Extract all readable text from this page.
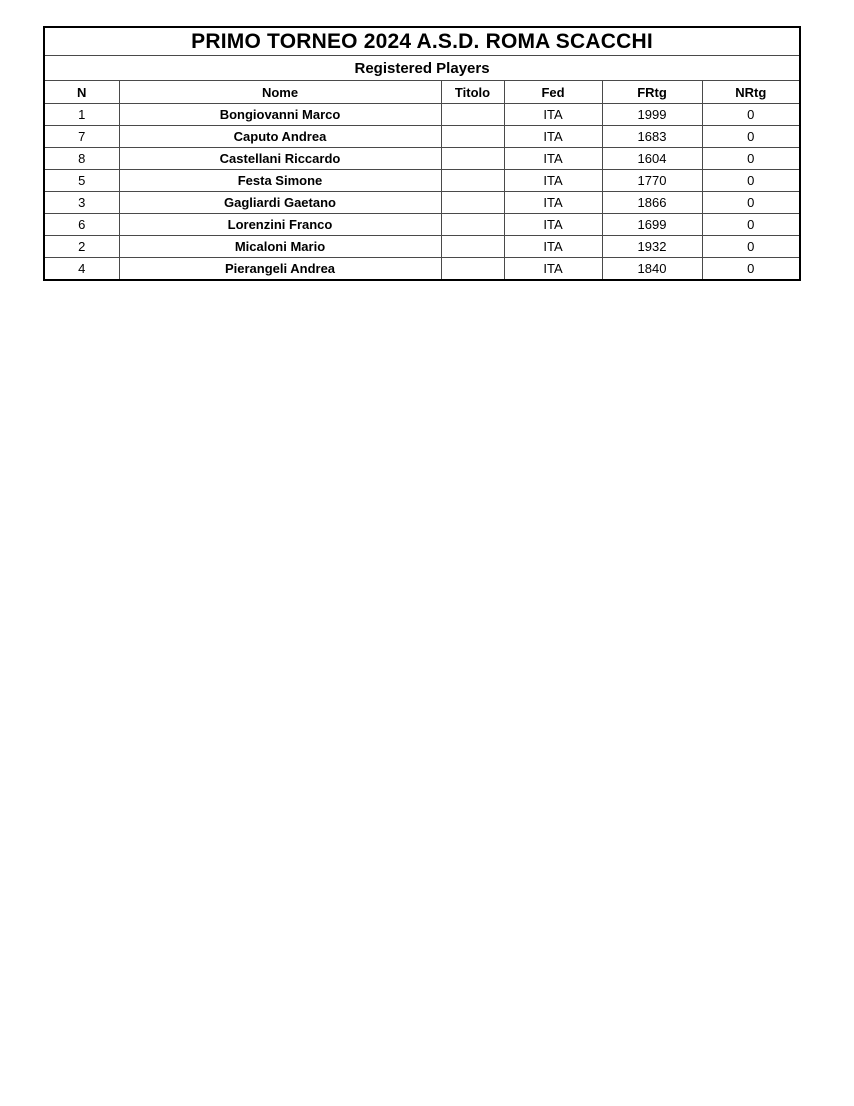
PRIMO TORNEO 2024 A.S.D. ROMA SCACCHI					
Registered Players					
N	Nome	Titolo	Fed	FRtg	NRtg
1	Bongiovanni Marco		ITA	1999	0
7	Caputo Andrea		ITA	1683	0
8	Castellani Riccardo		ITA	1604	0
5	Festa Simone		ITA	1770	0
3	Gagliardi Gaetano		ITA	1866	0
6	Lorenzini Franco		ITA	1699	0
2	Micaloni Mario		ITA	1932	0
4	Pierangeli Andrea		ITA	1840	0
